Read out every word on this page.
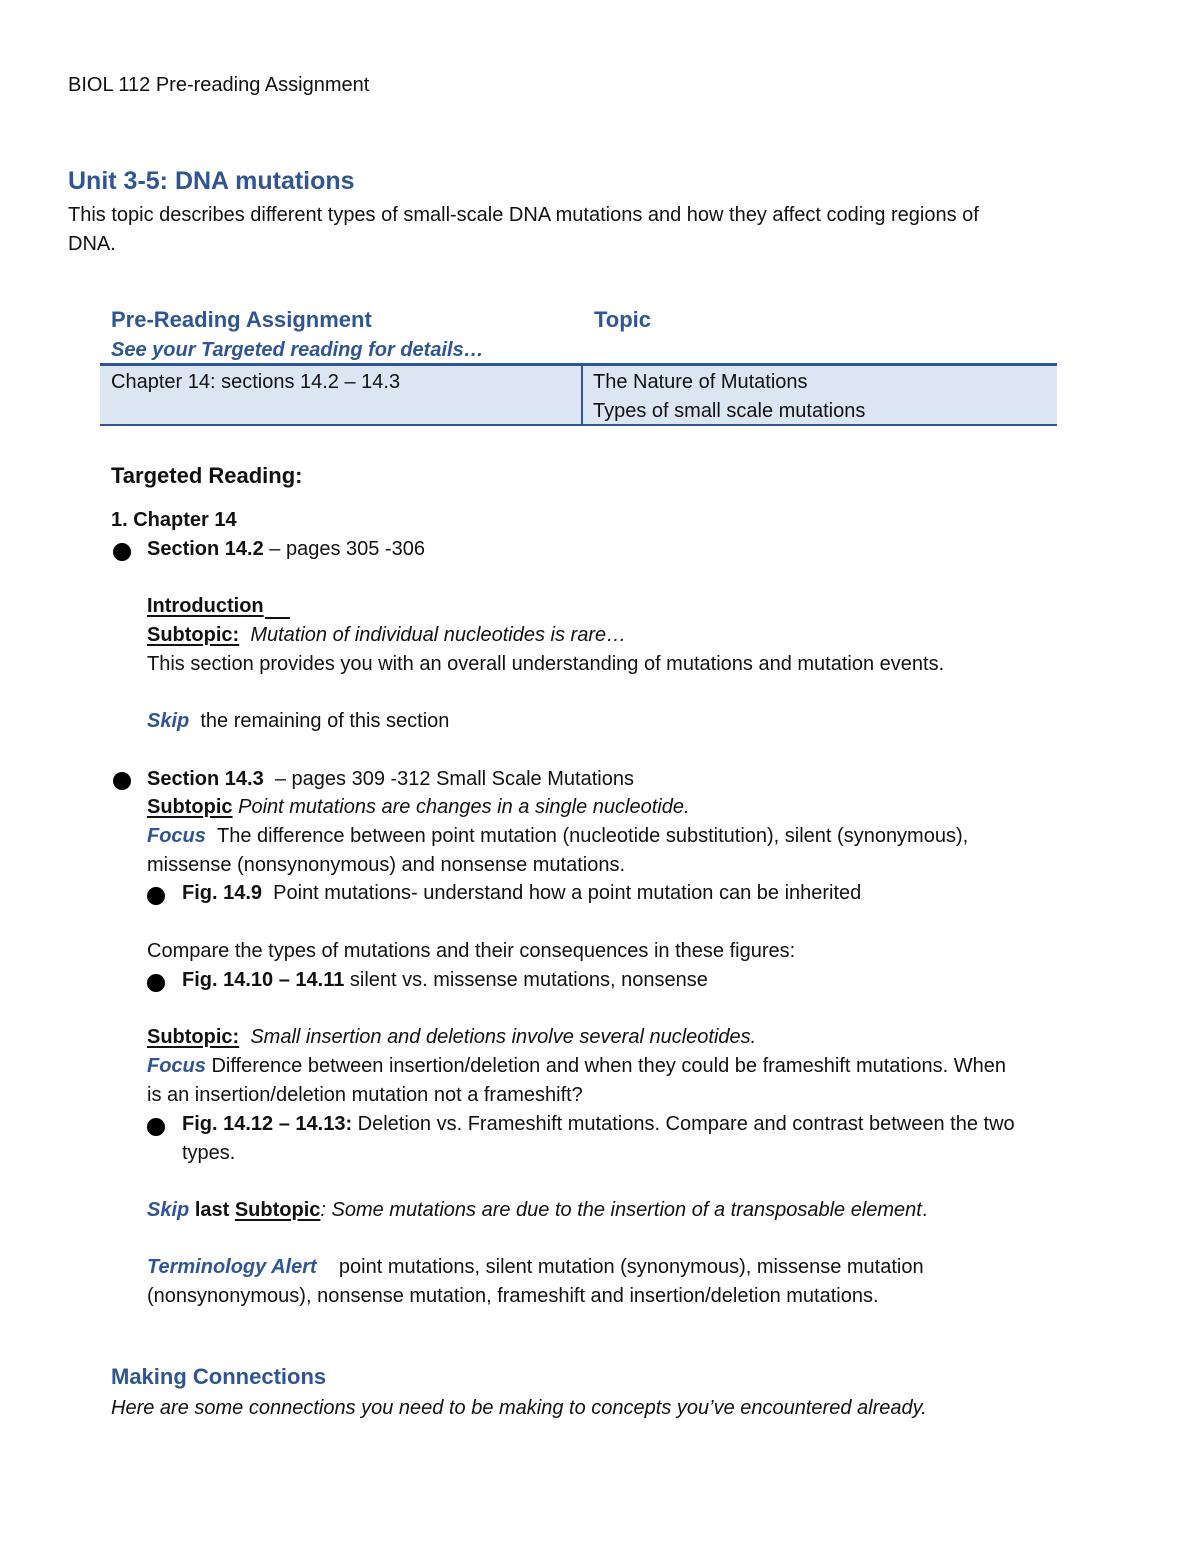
BIOL 112 Pre-reading Assignment
Unit 3-5: DNA mutations
This topic describes different types of small-scale DNA mutations and how they affect coding regions of
DNA.
Pre-Reading Assignment
See your Targeted reading for details…
Topic
Chapter 14: sections 14.2 – 14.3	The Nature of Mutations
Types of small scale mutations
Targeted Reading:
1. Chapter 14
Section 14.2 – pages 305 -306
Introduction
Subtopic: Mutation of individual nucleotides is rare…
This section provides you with an overall understanding of mutations and mutation events.
Skip the remaining of this section
Section 14.3 – pages 309 -312 Small Scale Mutations
Subtopic Point mutations are changes in a single nucleotide.
Focus The difference between point mutation (nucleotide substitution), silent (synonymous),
missense (nonsynonymous) and nonsense mutations.
Fig. 14.9 Point mutations- understand how a point mutation can be inherited
Compare the types of mutations and their consequences in these figures:
Fig. 14.10 – 14.11 silent vs. missense mutations, nonsense
Subtopic: Small insertion and deletions involve several nucleotides.
Focus Difference between insertion/deletion and when they could be frameshift mutations. When
is an insertion/deletion mutation not a frameshift?
Fig. 14.12 – 14.13: Deletion vs. Frameshift mutations. Compare and contrast between the two
types.
Skip last Subtopic: Some mutations are due to the insertion of a transposable element.
Terminology Alert point mutations, silent mutation (synonymous), missense mutation
(nonsynonymous), nonsense mutation, frameshift and insertion/deletion mutations.
Making Connections
Here are some connections you need to be making to concepts you’ve encountered already.
